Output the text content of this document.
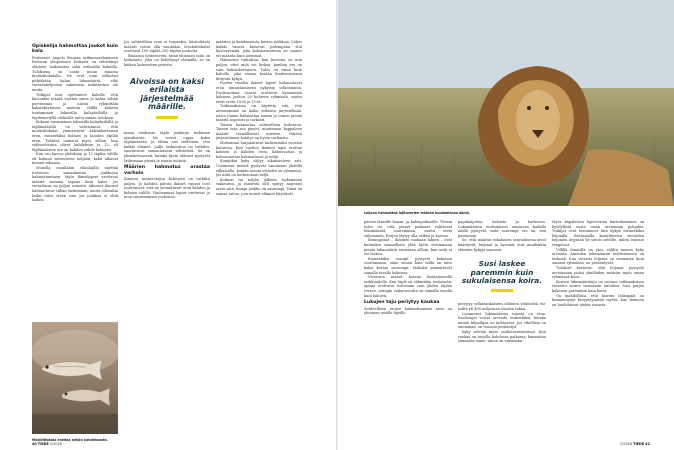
Opiskelija hahmottaa joukot kuin kala

Professori Angelo Bisazza tutkimusryhmineen Padovan yliopistosta Italiasta on selvittänyt eläinten laskutaitoa sekä erilaisilla kokeilla. Tuloksena on saatu muun muassa moskiittokalalla. Ne ovat nuin selkeästi pitkiäkään kalan lukumääriä, eikä vertailukelpoisia sukulaisia tutkittavina ole muita.

Tutkijat ovat opettaneet kaloille, että kuvioiden määrä erottaa sinne ja kahta vähän parvienmia ja näistä ryhmittäin kaksinkertaisen määrän välillä. Kokeen toistaminen lukuisilla kalayksilöillä ja täydennetyllä otoksella antoi saman tuloksen.

Kokeen toistaminen lukuisilla kalayksilöillä ja täplämäärillä on vahvistanut, että moskiittokalat ymmärtävät kaksinkertaisen eron, esimerkiksi kolmen ja kuuden täplän eron. Tehtävä onnistui myös silloin, kun vaihtoehtoina olivat kahdeksan ja 12, eli täplämäärien ero on kahden suhde kolmeen.

Kun ero kasvoi yhdeksän ja 12 täplän välille eli kolmen suhteeseen neljään, kalat alkavat mennä sekaisin.

Monella muullakin eläinlajilla näyttää toistuvan samanlainen joukkojen hahmottaminen. Myös ihmislapset erottavat määriä samaan tapaan kuin kalat, jos vertailussa on paljon esineitä. Aikuiset ihmiset hahmottavat vähän tarkemmin, mutta silloinkin lasku tulee eteen vain jos joukkoa ei ehdi laskea.

Moskiittokala erottaa neljän kahdeksasta.

Jos suhteellista eroa ei tarpeeksi, käsiteltävät määrät voivat olla suuriakin. Moskiittokalat erottavat 100 täplää 200 täplän joukosta.

Bisazzan tyhteenveto: tämä yhteinen taito on laskutaito, joka on kehittynyt eläimillä, se on kaiken laskemisen perusta.

Aivoissa on kaksi erilaista järjestelmää määrille.

maan eriikoisia täplä joukkoja tutkitaan ajatuksesta. Ne voivat oppia kaksi täplämäärää, ja tähän asti tiedetään, että kaikki eläimet, joilla laskutaitoa on tutkittu, suoriutuvat samanlaisista tehtävistä. Se on yksinkertaisesti, kuinka hyvin eläimet pystyvät laskemaan pieniä ja suuria määriä.

Määrien hahmotus orastaa varhain

Ihmisen numerotajun kehitystä on tutkittu paljon. Jo kahden päivän ikäiset vauvat ovat osoittaneet, että ne ymmärtävät eron kahden ja kolmen välillä. Vanhemmat lapset erottavat jo eroa suuremmissa joukoissa.

määrien ja kahdentoista kuvion joukkoja. Lähes kaikki vauvat katsovat pidempään sitä kuvioryhmää, joka kokonaisuutena on saanut eri määrän kuin aiemmat.

Hahmotus vaikuttaa, kun kuvioita on niin paljon, ettei niitä voi laskea, kunhan ero on vain kaksinkertainen. Tulos on sama kuin kaloilla, joka vastaa heidän kuulemiseensa liittyvää kykyä.

Puolen vuoden ikäiset lapset hahmottavat eron tunnistamiseen nykyisin selkeämmin. Puolivuotiaat vauvat erottavat kymmenen kohteen joukon 20 kohteen ryhmästä, mutta eivät erota 10:tä ja 15:tä.

Tutkimuksissa on käytetty sitä, että aivoissamme on kaksi erilaista järjestelmää, joista toinen hahmottaa suuria ja toinen pieniä määriä nopeasti ja tarkasti.

Toinen hahmottaa suhteellista kokoeroa. Toinen taas saa pienet, muutaman kappaleen määrät täsmällisesti mieleen. Näiden järjestelmien kehitys on hyvin varhaista.

Molemmat harjaantuvat tarkemmiksi vuosien kuluessa. Kun vuoden ikäinen lapsi erottaa kolmen ja kahden eron, kaksivuotias ja kolmevuotias hahmottavat jo neljä.

Kumpikin kyky säilyy aikuisuuteen asti. Useimmat meistä pystyvät sanomaan yhdellä vilkaisulla, kuinka monta esinettä on ryhmässä, jos niitä on korkeintaan neljä.

Kolmen tai neljän jälkeen laskeminen vaikeutuu, ja mielestä silti syntyy nopeasti arvio siitä, kumpi joukko on suurempi. Tämä on samaa taitoa, jota monet eläimet käyttävät.

40 TIEDE 2/2016
Leijona hahmottaa lajitoverien määrän kuulemiensa ääniä.

päivän ikäisille kanan- ja kalanpoikasille. Yleisin tulos on, että pienet poikaset valitsevat lukumäärää suuremman, mutta eivät vähemmän. Erojen täytyy olla selkeä ja kasvaa.

Ihmisapinat – ihminen mukaan lukien – ovat kuitenkin suunnilleen yhtä hyviä erottamaan pieniä lukumääriä toisistaan silloin, kun niitä ei voi laskea.

Esimerkiksi orangit pystyvät kokeissa osoittamaan, onko ennen kuin niillä on taito kaksi kertaa suurempi. Makakit ymmärtävät samalla tavalla kokeissa.

Vieraisen määrä kasvaa lisääntyneellä tarkkuudella. Kun täplä on vähintään seitsemän, apinat erottavat toisistaan vain yhden täplän verran, orangin vaikutusvalta on samalla tasolla kuin kalojen.

Lukujen taju periytyy kaukaa

Suhteellisen erojen hahmottamisen taito on yhteinen useille lajeille.

papukaijoista, kaloista ja karhuista. Lukumäärien erottamisen omaisuus kaikilla näillä pystyvät, mitä suurempi ero on, sitä paremmin.

Se, että määrän sekalaisen seurauksena aivot kääntyvät, leijonat ja hyeenat ovat muidenkin eläinten kykyjä samassa.

Susi laskee paremmin kuin sukulaisensa koira.

periytyy selkärankaisten eläinten yhteiseltä esi-isältä yli 400 miljoonan vuoden takaa.

Luonnossa lukumäärien tajusta on etua. Saalistajat voivat arvioida esimerkiksi, kuinka monta kilpailijaa ne kohtaavat. Jos vihollisia on enemmän, on viisasta perääntyä.

Kyky selviää myös saalistusetsintässä. Kun ruokaa on tarjolla kahdessa paikassa, kannattaa suunnata sinne, missä on enemmän.

Myös käpalevien lajitoverien kartoittaminen on hyödyllistä osata oman arvioinnin pohjaksi. Tutkijat ovat testanneet tätä kykyä esimerkiksi leijonilla. Soittamalla kaiuttimesta vieraiden leijonien ärjyntää he saivat selville, miten leijonat reagoivat.

Villillä ihmisillä on yksi, väliltä monen kyky arvioida. Aineiden lukumäärän selvittäminen on tärkeää. Kun vieraita leijonia on enemmän kuin omassa ryhmässä, ne perääntyvät.

Tulokset kertovat, että leijonat pystyvät arvioimaan paitsi yksilöiden määrän myös oman ryhmänsä koon.

Koirien lukumäärätaju on useissa tutkimuksissa verrattu susien vastaaviin taitoihin. Susi pärjää kokeissa paremmin kuin koira.

On mahdollista, että koirien laskupäät on himmentynyt kesyyntymisen myötä, kun ihminen on huolehtinut niiden ruoasta.

2/2016 TIEDE 41
